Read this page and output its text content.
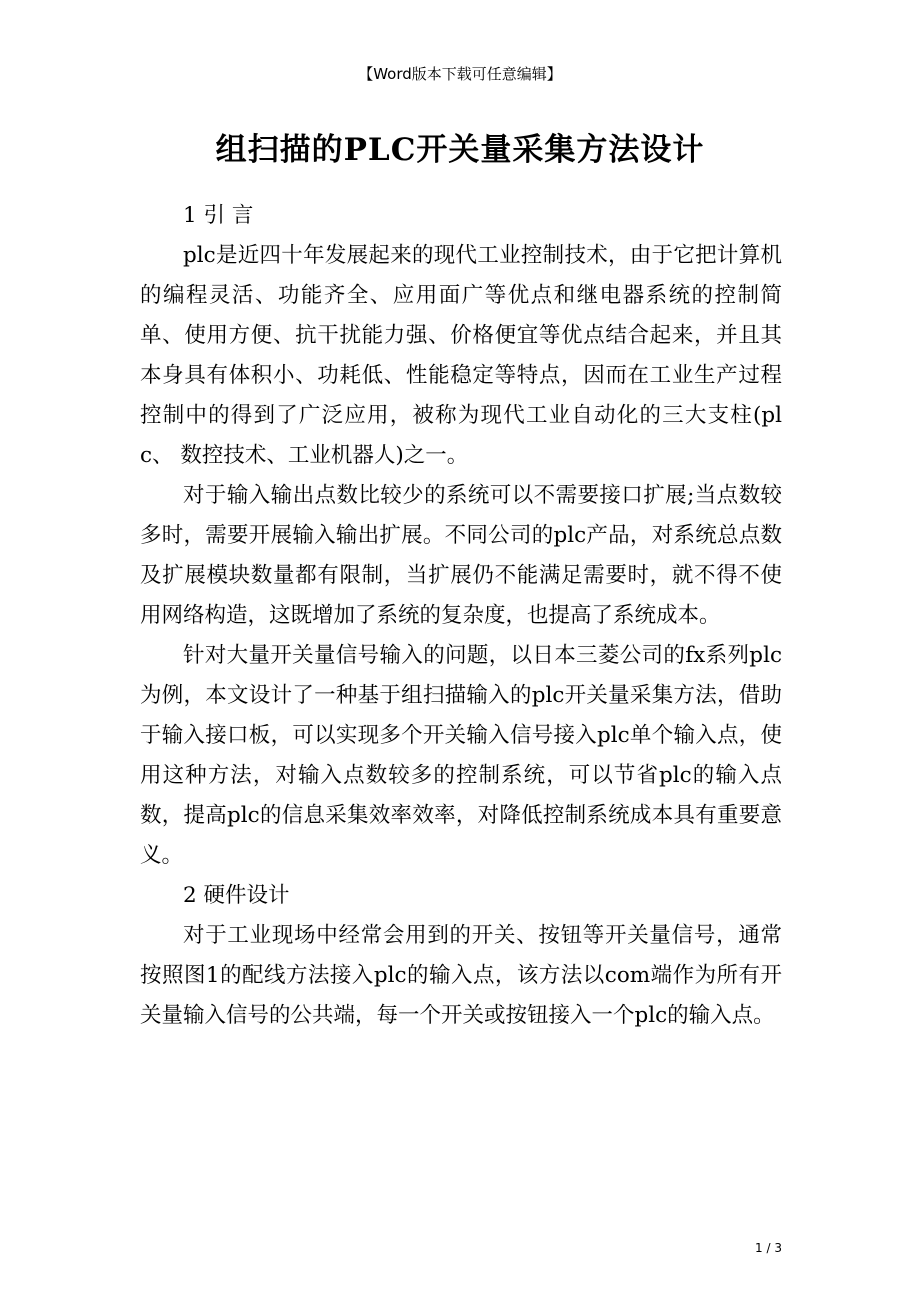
【Word版本下载可任意编辑】
组扫描的PLC开关量采集方法设计

1 引 言

plc是近四十年发展起来的现代工业控制技术，由于它把计算机的编程灵活、功能齐全、应用面广等优点和继电器系统的控制简单、使用方便、抗干扰能力强、价格便宜等优点结合起来，并且其本身具有体积小、功耗低、性能稳定等特点，因而在工业生产过程控制中的得到了广泛应用，被称为现代工业自动化的三大支柱(plc、 数控技术、工业机器人)之一。

对于输入输出点数比较少的系统可以不需要接口扩展;当点数较多时，需要开展输入输出扩展。不同公司的plc产品，对系统总点数及扩展模块数量都有限制，当扩展仍不能满足需要时，就不得不使用网络构造，这既增加了系统的复杂度，也提高了系统成本。

针对大量开关量信号输入的问题，以日本三菱公司的fx系列plc为例，本文设计了一种基于组扫描输入的plc开关量采集方法，借助于输入接口板，可以实现多个开关输入信号接入plc单个输入点，使用这种方法，对输入点数较多的控制系统，可以节省plc的输入点数，提高plc的信息采集效率效率，对降低控制系统成本具有重要意义。

2 硬件设计

对于工业现场中经常会用到的开关、按钮等开关量信号，通常按照图1的配线方法接入plc的输入点，该方法以com端作为所有开关量输入信号的公共端，每一个开关或按钮接入一个plc的输入点。

1 / 3
